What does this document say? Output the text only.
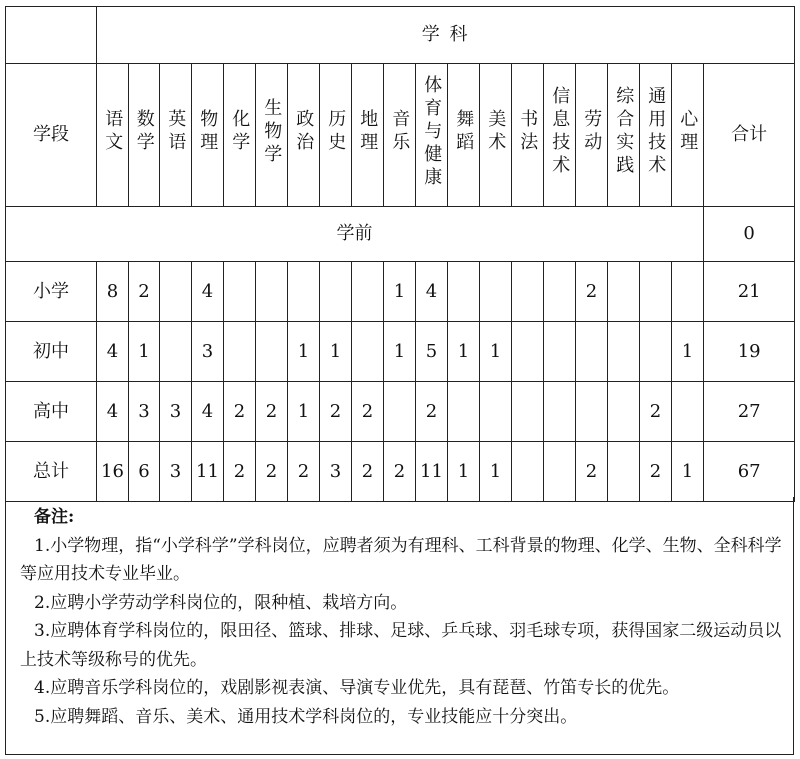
	学 科																			
学段	语文	数学	英语	物理	化学	生物学	政治	历史	地理	音乐	体育与健康	舞蹈	美术	书法	信息技术	劳动	综合实践	通用技术	心理	合计
学前																				0
小学	8	2		4						1	4					2				21
初中	4	1		3			1	1		1	5	1	1						1	19
高中	4	3	3	4	2	2	1	2	2		2							2		27
总计	16	6	3	11	2	2	2	3	2	2	11	1	1			2		2	1	67
备注:
1.小学物理，指“小学科学”学科岗位，应聘者须为有理科、工科背景的物理、化学、生物、全科科学等应用技术专业毕业。
2.应聘小学劳动学科岗位的，限种植、栽培方向。
3.应聘体育学科岗位的，限田径、篮球、排球、足球、乒乓球、羽毛球专项，获得国家二级运动员以上技术等级称号的优先。
4.应聘音乐学科岗位的，戏剧影视表演、导演专业优先，具有琵琶、竹笛专长的优先。
5.应聘舞蹈、音乐、美术、通用技术学科岗位的，专业技能应十分突出。
